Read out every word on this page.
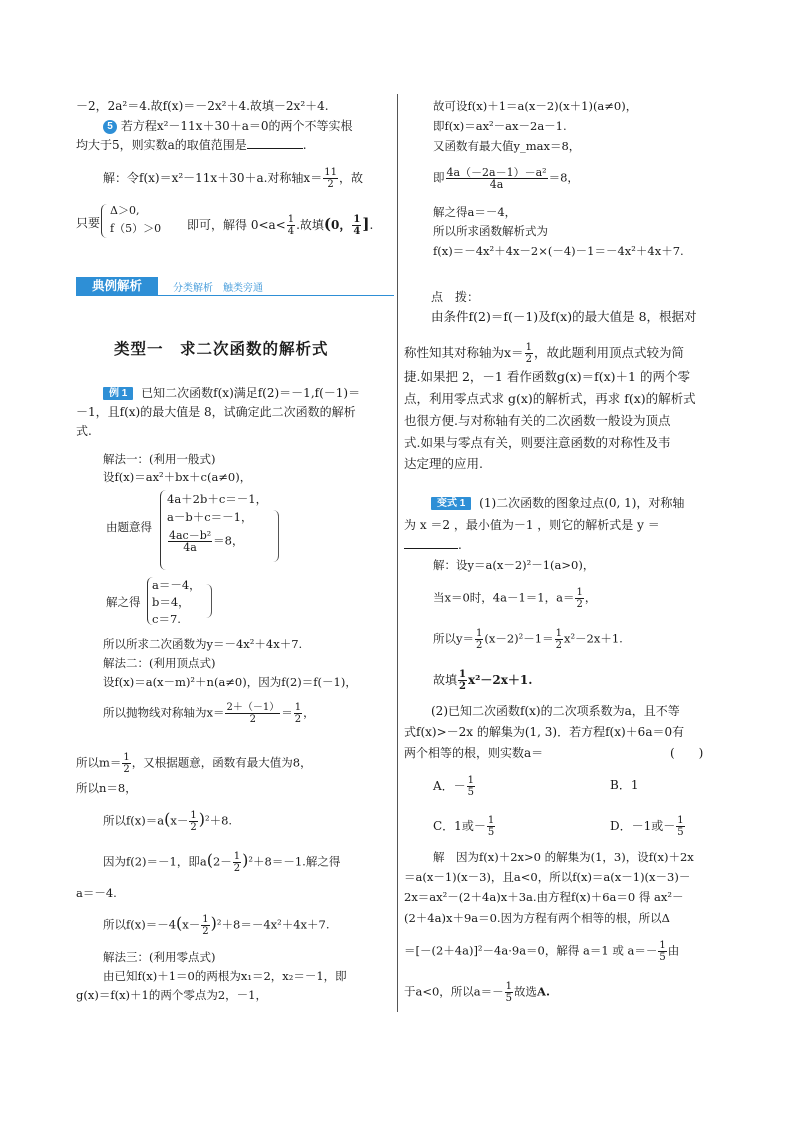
－2，2a²＝4.故f(x)＝－2x²＋4.故填－2x²＋4.
5 若方程x²－11x＋30＋a＝0的两个不等实根
均大于5，则实数a的取值范围是	.
解：令f(x)＝x²－11x＋30＋a.对称轴$x= \frac{11}{2}$ ，故
只要
Δ＞0,
f（5）＞0 即可，解得 $0<a< \frac{1}{4}$ .故填(0， $\frac{1}{4}$ ].
典例解析	分类解析　触类旁通
类型一　求二次函数的解析式
例 1 已知二次函数f(x)满足f(2)＝－1,f(－1)＝
－1，且f(x)的最大值是 8，试确定此二次函数的解析
式.
解法一：(利用一般式)
设f(x)＝ax²＋bx＋c(a≠0)，
4a＋2b＋c＝－1，
由题意得
a－b＋c＝－1，
$\frac{\text{4ac－b²}}{4a} =8$，
a＝－4，
解之得 b＝4，
c＝7.
所以所求二次函数为y＝－4x²＋4x＋7.
解法二：(利用顶点式)
设f(x)＝a(x－m)²＋n(a≠0)，因为f(2)＝f(－1)，
所以抛物线对称轴为$x= \frac{2+(-1)}{2} = \frac{1}{2}$ ，
所以$m= \frac{1}{2}$ ，又根据题意，函数有最大值为8，
所以n＝8，
所以$f(x)=a(x- \frac{1}{2} )^2+8$.
因为f(2)＝－1，即$a(2- \frac{1}{2} )^2+8=-1$.解之得
a＝－4.
所以$f(x)=-4(x- \frac{1}{2} )^2+8=-4x^2+4x+7$.
解法三：(利用零点式)
由已知f(x)＋1＝0的两根为x₁＝2，x₂＝－1，即
g(x)＝f(x)＋1的两个零点为2，－1，
故可设f(x)＋1＝a(x－2)(x＋1)(a≠0)，
即f(x)＝ax²－ax－2a－1.
又函数有最大值y_max＝8，
即 $\frac{\text{4a（－2a－1）－a²}}{4a} =8$，
解之得a＝－4，
所以所求函数解析式为
f(x)＝－4x²＋4x－2×(－4)－1＝－4x²＋4x＋7.
点　拨：
由条件f(2)＝f(－1)及f(x)的最大值是 8，根据对
称性知其对称轴为$x= \frac{1}{2}$ ，故此题利用顶点式较为简
捷.如果把 2，－1 看作函数g(x)＝f(x)＋1 的两个零
点，利用零点式求 g(x)的解析式，再求 f(x)的解析式
也很方便.与对称轴有关的二次函数一般设为顶点
式.如果与零点有关，则要注意函数的对称性及韦
达定理的应用.
变式 1 (1)二次函数的图象过点(0, 1)，对称轴
为 x ＝2 ，最小值为－1 ，则它的解析式是 y ＝
.
解：设y＝a(x－2)²－1(a>0)，
当x＝0时，4a－1＝1，$a= \frac{1}{2}$ ，
所以$y= \frac{1}{2} (x-2)^2-1= \frac{1}{2} x^2-2x+1$.
故填 $\frac{1}{2} x^2-2x+1$.
(2)已知二次函数f(x)的二次项系数为a，且不等
式f(x)>－2x 的解集为(1, 3)．若方程f(x)＋6a＝0有
两个相等的根，则实数a＝	(　　)
A．－ $\frac{1}{5}$	B．1
C．1或－ $\frac{1}{5}$	D．－1或－ $\frac{1}{5}$
解　因为f(x)＋2x>0 的解集为(1，3)，设f(x)＋2x
＝a(x－1)(x－3)，且a<0，所以f(x)＝a(x－1)(x－3)－
2x＝ax²－(2＋4a)x＋3a.由方程f(x)＋6a＝0 得 ax²－
(2＋4a)x＋9a＝0.因为方程有两个相等的根，所以Δ
＝[－(2＋4a)]²－4a·9a＝0，解得 a＝1 或 $a=- \frac{1}{5}$ 由
于a<0，所以$a=- \frac{1}{5}$ 故选A.
